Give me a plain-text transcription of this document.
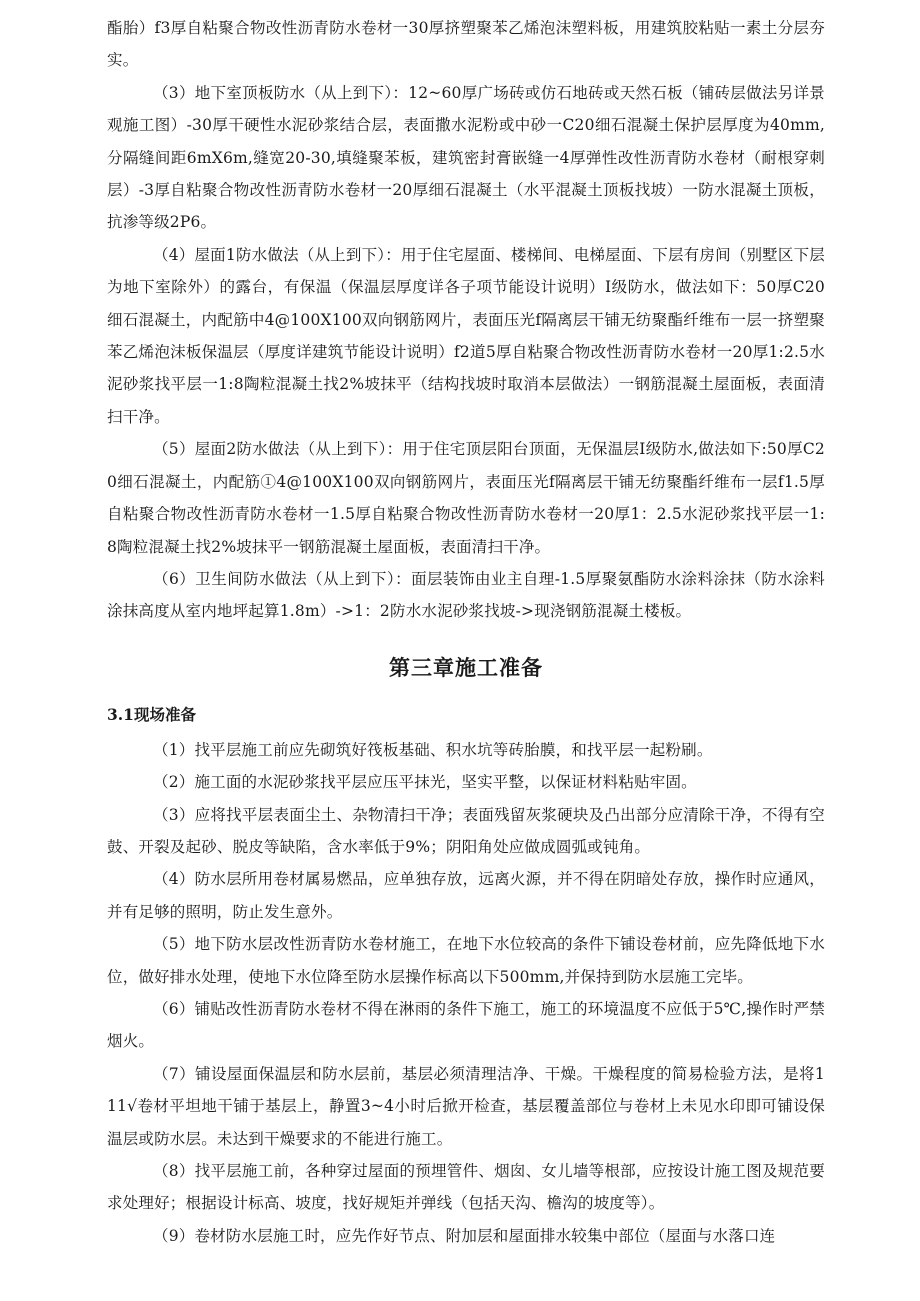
酯胎）f3厚自粘聚合物改性沥青防水卷材一30厚挤塑聚苯乙烯泡沫塑料板，用建筑胶粘贴一素土分层夯实。

（3）地下室顶板防水（从上到下）：12~60厚广场砖或仿石地砖或天然石板（铺砖层做法另详景观施工图）-30厚干硬性水泥砂浆结合层，表面撒水泥粉或中砂一C20细石混凝土保护层厚度为40mm,分隔缝间距6mX6m,缝宽20-30,填缝聚苯板，建筑密封膏嵌缝一4厚弹性改性沥青防水卷材（耐根穿刺层）-3厚自粘聚合物改性沥青防水卷材一20厚细石混凝土（水平混凝土顶板找坡）一防水混凝土顶板，抗渗等级2P6。

（4）屋面1防水做法（从上到下）：用于住宅屋面、楼梯间、电梯屋面、下层有房间（别墅区下层为地下室除外）的露台，有保温（保温层厚度详各子项节能设计说明）I级防水，做法如下：50厚C20细石混凝土，内配筋中4@100X100双向钢筋网片，表面压光f隔离层干铺无纺聚酯纤维布一层一挤塑聚苯乙烯泡沫板保温层（厚度详建筑节能设计说明）f2道5厚自粘聚合物改性沥青防水卷材一20厚1:2.5水泥砂浆找平层一1:8陶粒混凝土找2%坡抹平（结构找坡时取消本层做法）一钢筋混凝土屋面板，表面清扫干净。

（5）屋面2防水做法（从上到下）：用于住宅顶层阳台顶面，无保温层I级防水,做法如下:50厚C20细石混凝土，内配筋①4@100X100双向钢筋网片，表面压光f隔离层干铺无纺聚酯纤维布一层f1.5厚自粘聚合物改性沥青防水卷材一1.5厚自粘聚合物改性沥青防水卷材一20厚1：2.5水泥砂浆找平层一1:8陶粒混凝土找2%坡抹平一钢筋混凝土屋面板，表面清扫干净。

（6）卫生间防水做法（从上到下）：面层装饰由业主自理-1.5厚聚氨酯防水涂料涂抹（防水涂料涂抹高度从室内地坪起算1.8m）->1：2防水水泥砂浆找坡->现浇钢筋混凝土楼板。

第三章施工准备
3.1现场准备

（1）找平层施工前应先砌筑好筏板基础、积水坑等砖胎膜，和找平层一起粉刷。

（2）施工面的水泥砂浆找平层应压平抹光，坚实平整，以保证材料粘贴牢固。

（3）应将找平层表面尘土、杂物清扫干净；表面残留灰浆硬块及凸出部分应清除干净，不得有空鼓、开裂及起砂、脱皮等缺陷，含水率低于9%；阴阳角处应做成圆弧或钝角。

（4）防水层所用卷材属易燃品，应单独存放，远离火源，并不得在阴暗处存放，操作时应通风，并有足够的照明，防止发生意外。

（5）地下防水层改性沥青防水卷材施工，在地下水位较高的条件下铺设卷材前，应先降低地下水位，做好排水处理，使地下水位降至防水层操作标高以下500mm,并保持到防水层施工完毕。

（6）铺贴改性沥青防水卷材不得在淋雨的条件下施工，施工的环境温度不应低于5℃,操作时严禁烟火。

（7）铺设屋面保温层和防水层前，基层必须清理洁净、干燥。干燥程度的简易检验方法，是将111√卷材平坦地干铺于基层上，静置3~4小时后掀开检查，基层覆盖部位与卷材上未见水印即可铺设保温层或防水层。未达到干燥要求的不能进行施工。

（8）找平层施工前，各种穿过屋面的预埋管件、烟囱、女儿墙等根部，应按设计施工图及规范要求处理好；根据设计标高、坡度，找好规矩并弹线（包括天沟、檐沟的坡度等）。

（9）卷材防水层施工时，应先作好节点、附加层和屋面排水较集中部位（屋面与水落口连
